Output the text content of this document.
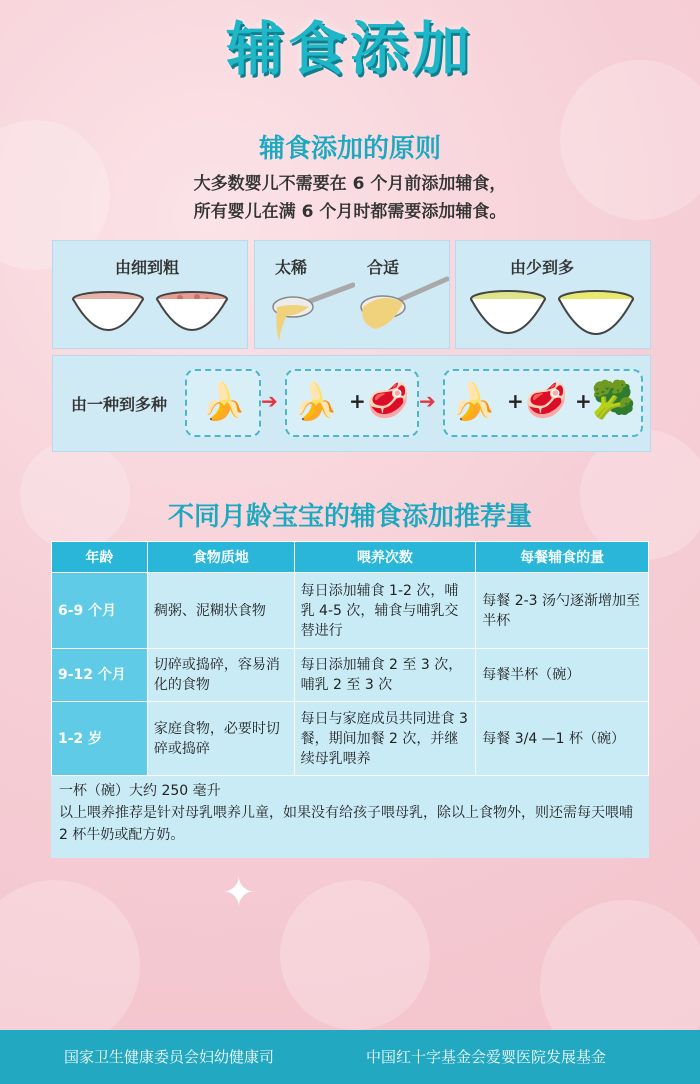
✦
辅食添加
辅食添加的原则
大多数婴儿不需要在 6 个月前添加辅食，
所有婴儿在满 6 个月时都需要添加辅食。
由细到粗	太稀	合适	由少到多
由一种到多种 🍌 ➔ 🍌 + 🥩 ➔ 🍌 + 🥩 + 🥦
不同月龄宝宝的辅食添加推荐量
年龄	食物质地	喂养次数	每餐辅食的量
6-9 个月	稠粥、泥糊状食物	每日添加辅食 1-2 次，哺乳 4-5 次，辅食与哺乳交替进行	每餐 2-3 汤勺逐渐增加至半杯
9-12 个月	切碎或捣碎，容易消化的食物	每日添加辅食 2 至 3 次，哺乳 2 至 3 次	每餐半杯（碗）
1-2 岁	家庭食物，必要时切碎或捣碎	每日与家庭成员共同进食 3 餐，期间加餐 2 次，并继续母乳喂养	每餐 3/4 —1 杯（碗）
一杯（碗）大约 250 毫升
以上喂养推荐是针对母乳喂养儿童，如果没有给孩子喂母乳，除以上食物外，则还需每天喂哺 2 杯牛奶或配方奶。
国家卫生健康委员会妇幼健康司	中国红十字基金会爱婴医院发展基金
